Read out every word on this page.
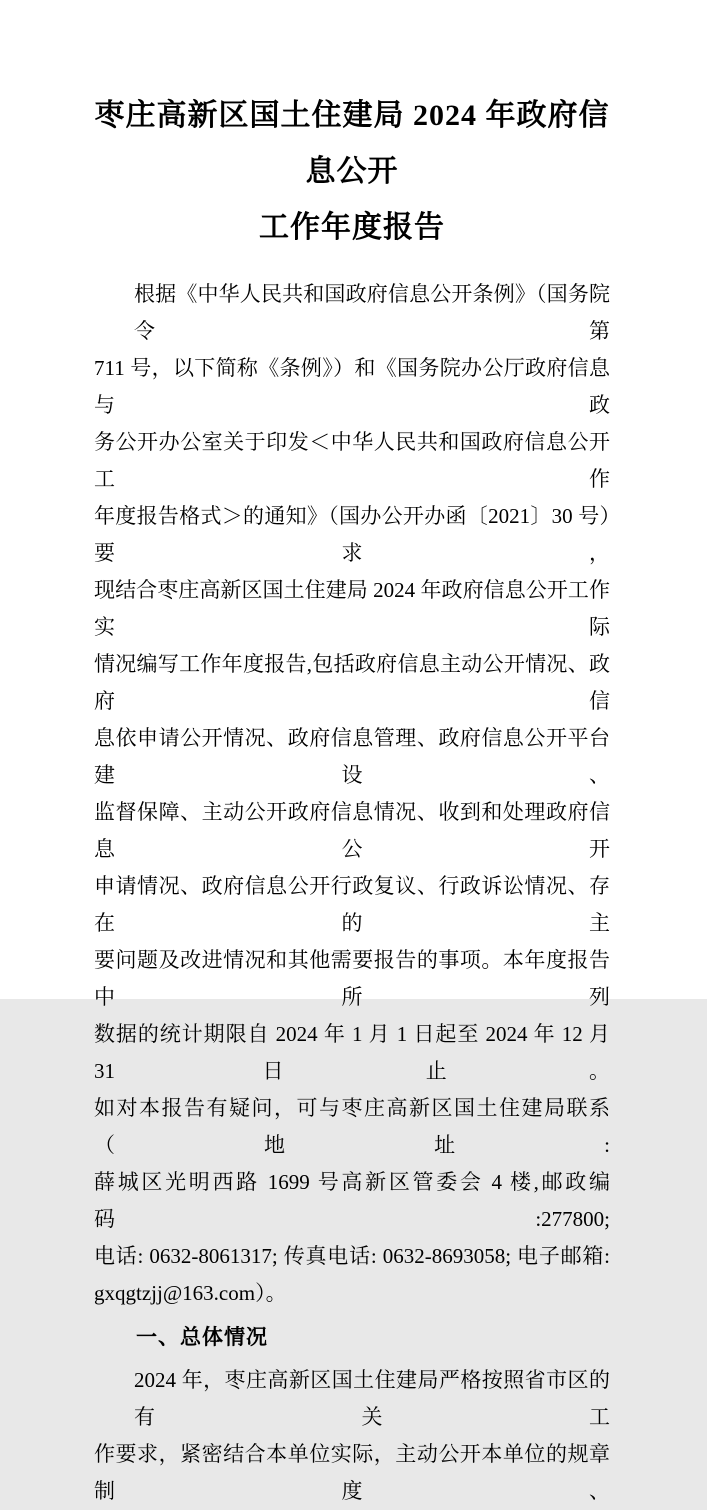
枣庄高新区国土住建局 2024 年政府信息公开
工作年度报告
根据《中华人民共和国政府信息公开条例》（国务院令第
711 号，以下简称《条例》）和《国务院办公厅政府信息与政
务公开办公室关于印发＜中华人民共和国政府信息公开工作
年度报告格式＞的通知》（国办公开办函〔2021〕30 号）要求，
现结合枣庄高新区国土住建局 2024 年政府信息公开工作实际
情况编写工作年度报告,包括政府信息主动公开情况、政府信
息依申请公开情况、政府信息管理、政府信息公开平台建设、
监督保障、主动公开政府信息情况、收到和处理政府信息公开
申请情况、政府信息公开行政复议、行政诉讼情况、存在的主
要问题及改进情况和其他需要报告的事项。本年度报告中所列
数据的统计期限自 2024 年 1 月 1 日起至 2024 年 12 月 31 日止。
如对本报告有疑问，可与枣庄高新区国土住建局联系（地址:
薛城区光明西路 1699 号高新区管委会 4 楼,邮政编码:277800;
电话: 0632-8061317; 传真电话: 0632-8693058; 电子邮箱:
gxqgtzjj@163.com）。
一、总体情况
2024 年，枣庄高新区国土住建局严格按照省市区的有关工
作要求，紧密结合本单位实际，主动公开本单位的规章制度、
